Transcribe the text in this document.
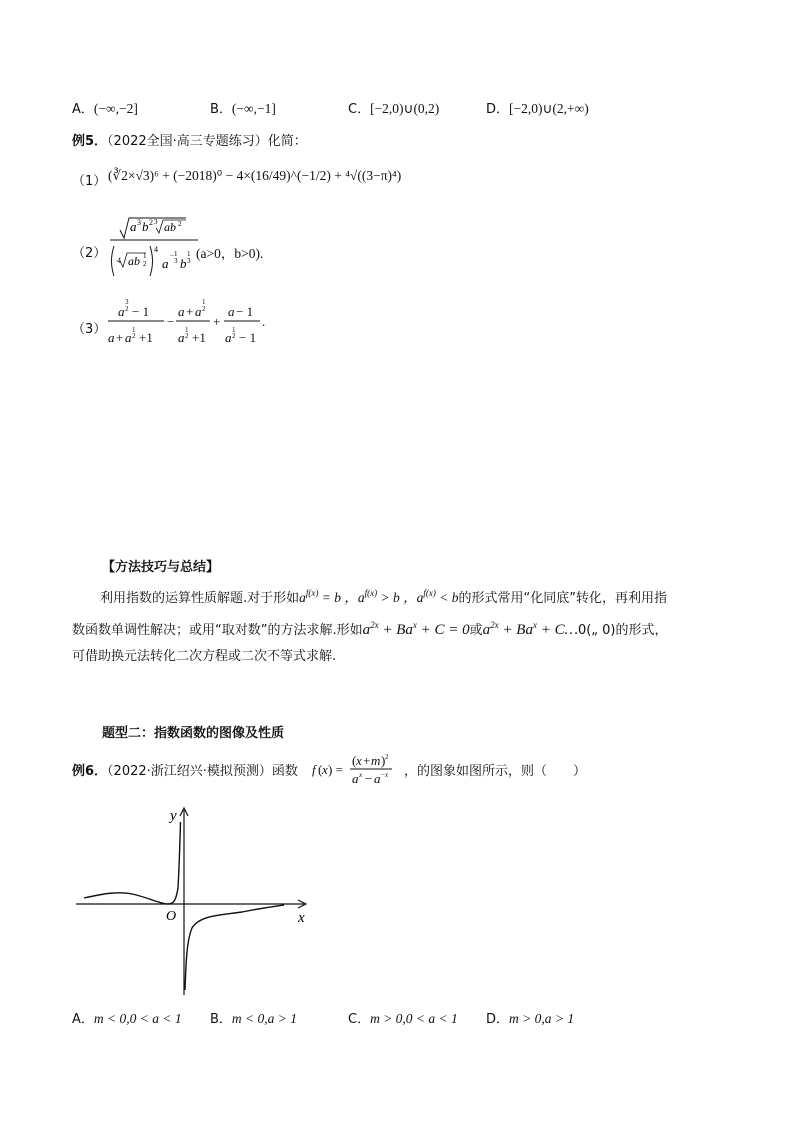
A．(−∞,−2]	B．(−∞,−1]	C．[−2,0)∪(0,2)	D．[−2,0)∪(2,+∞)
例5．（2022全国·高三专题练习）化简：
（1） (∛2×√3)⁶ + (−2018)⁰ − 4×(16/49)^(−1/2) + ⁴√((3−π)⁴)
（2）
a 3 b 2 3 ab 2
4 ab 1
2
4
a − 1
3 b
1
3 (a>0，b>0).
（3）
a
3
2 − 1
a + a 1
2 +1
−
a + a
1
2
a 1
2 +1
+
a − 1
a 1
2 − 1
.
【方法技巧与总结】
利用指数的运算性质解题.对于形如$a^{f(x)} = b$ ，$a^{f(x)} > b$ ，$a^{f(x)} < b$的形式常用“化同底”转化，再利用指
数函数单调性解决；或用“取对数”的方法求解.形如$a^{2x} + Ba^x + C = 0$或$a^{2x} + Ba^x$ + C…0(„ 0)的形式，
可借助换元法转化二次方程或二次不等式求解.
题型二：指数函数的图像及性质
例6．（2022·浙江绍兴·模拟预测）函数 f ( x ) =
( x + m ) 2
a x − a − x ，的图象如图所示，则（　　）
y
x
O
A．m < 0,0 < a < 1 B．m < 0,a > 1	C．m > 0,0 < a < 1 D．m > 0,a > 1
